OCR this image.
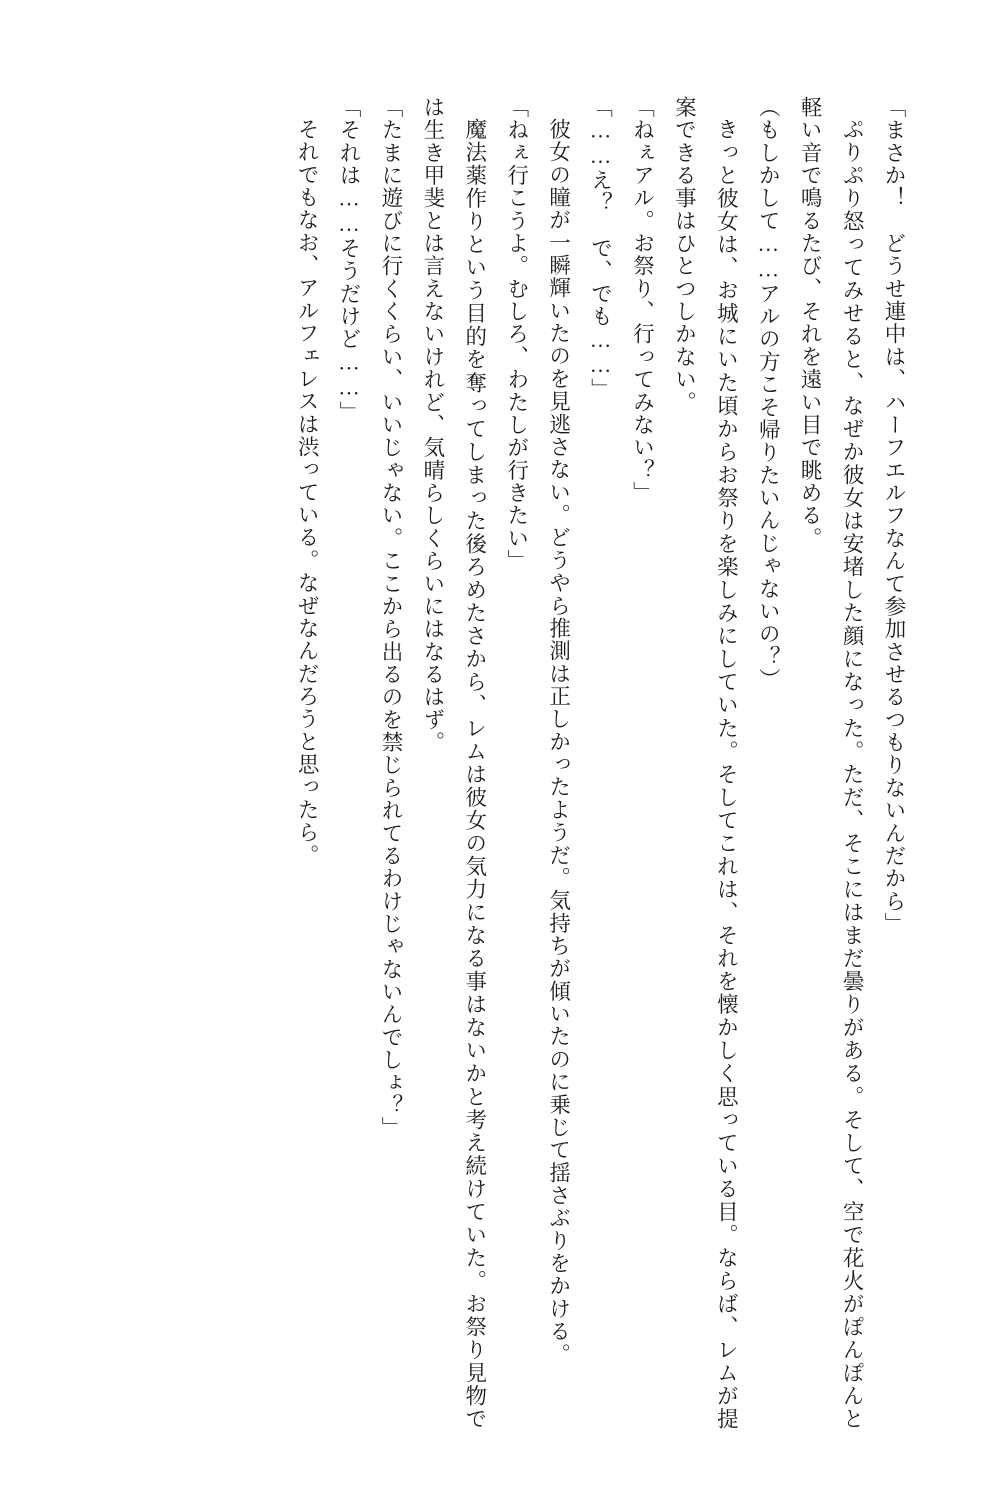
「まさか！　どうせ連中は、ハーフエルフなんて参加させるつもりないんだから」

ぷりぷり怒ってみせると、なぜか彼女は安堵した顔になった。ただ、そこにはまだ曇りがある。そして、空で花火がぽんぽんと軽い音で鳴るたび、それを遠い目で眺める。

（もしかして……アルの方こそ帰りたいんじゃないの？）

きっと彼女は、お城にいた頃からお祭りを楽しみにしていた。そしてこれは、それを懐かしく思っている目。ならば、レムが提案できる事はひとつしかない。

「ねぇアル。お祭り、行ってみない？」

「……え？　で、でも……」

彼女の瞳が一瞬輝いたのを見逃さない。どうやら推測は正しかったようだ。気持ちが傾いたのに乗じて揺さぶりをかける。

「ねぇ行こうよ。むしろ、わたしが行きたい」

魔法薬作りという目的を奪ってしまった後ろめたさから、レムは彼女の気力になる事はないかと考え続けていた。お祭り見物では生き甲斐とは言えないけれど、気晴らしくらいにはなるはず。

「たまに遊びに行くくらい、いいじゃない。ここから出るのを禁じられてるわけじゃないんでしょ？」

「それは……そうだけど……」

それでもなお、アルフェレスは渋っている。なぜなんだろうと思ったら。
